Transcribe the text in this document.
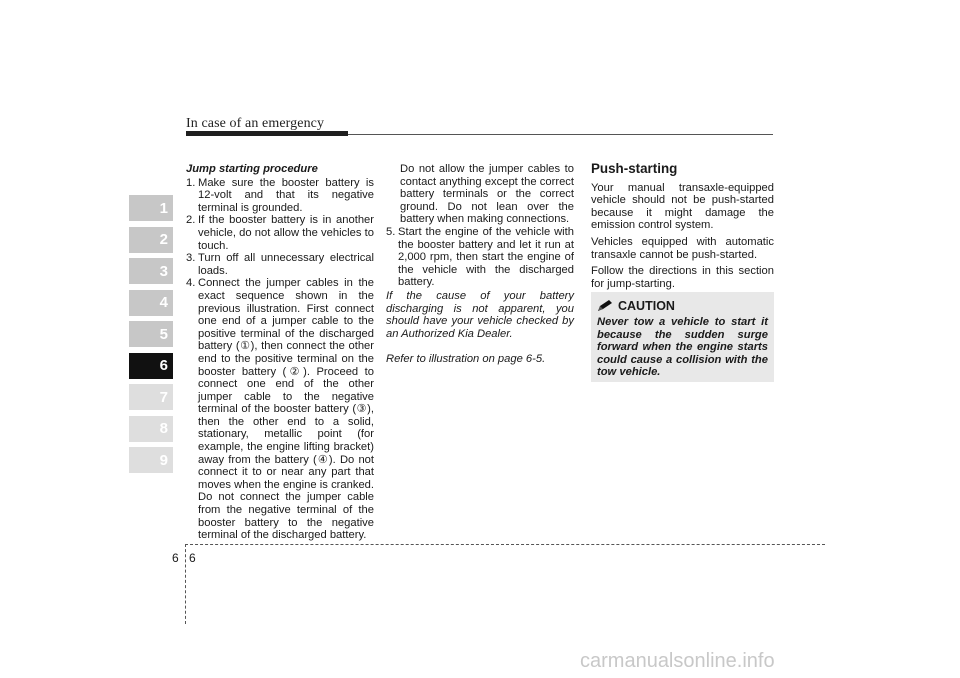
In case of an emergency
1
2
3
4
5
6
7
8
9
Jump starting procedure
1. Make sure the booster battery is 12-volt and that its negative terminal is grounded.
2. If the booster battery is in another vehicle, do not allow the vehicles to touch.
3. Turn off all unnecessary electrical loads.
4. Connect the jumper cables in the exact sequence shown in the previous illustration. First connect one end of a jumper cable to the positive terminal of the discharged battery (①), then connect the other end to the positive terminal on the booster battery (②). Proceed to connect one end of the other jumper cable to the negative terminal of the booster battery (③), then the other end to a solid, stationary, metallic point (for example, the engine lifting bracket) away from the battery (④). Do not connect it to or near any part that moves when the engine is cranked. Do not connect the jumper cable from the negative terminal of the booster battery to the negative terminal of the discharged battery.
Do not allow the jumper cables to contact anything except the correct battery terminals or the correct ground. Do not lean over the battery when making connections.
5. Start the engine of the vehicle with the booster battery and let it run at 2,000 rpm, then start the engine of the vehicle with the discharged battery.
If the cause of your battery discharging is not apparent, you should have your vehicle checked by an Authorized Kia Dealer.
Refer to illustration on page 6-5.
Push-starting
Your manual transaxle-equipped vehicle should not be push-started because it might damage the emission control system.
Vehicles equipped with automatic transaxle cannot be push-started.
Follow the directions in this section for jump-starting.
CAUTION
Never tow a vehicle to start it because the sudden surge forward when the engine starts could cause a collision with the tow vehicle.
6 6
carmanualsonline.info
